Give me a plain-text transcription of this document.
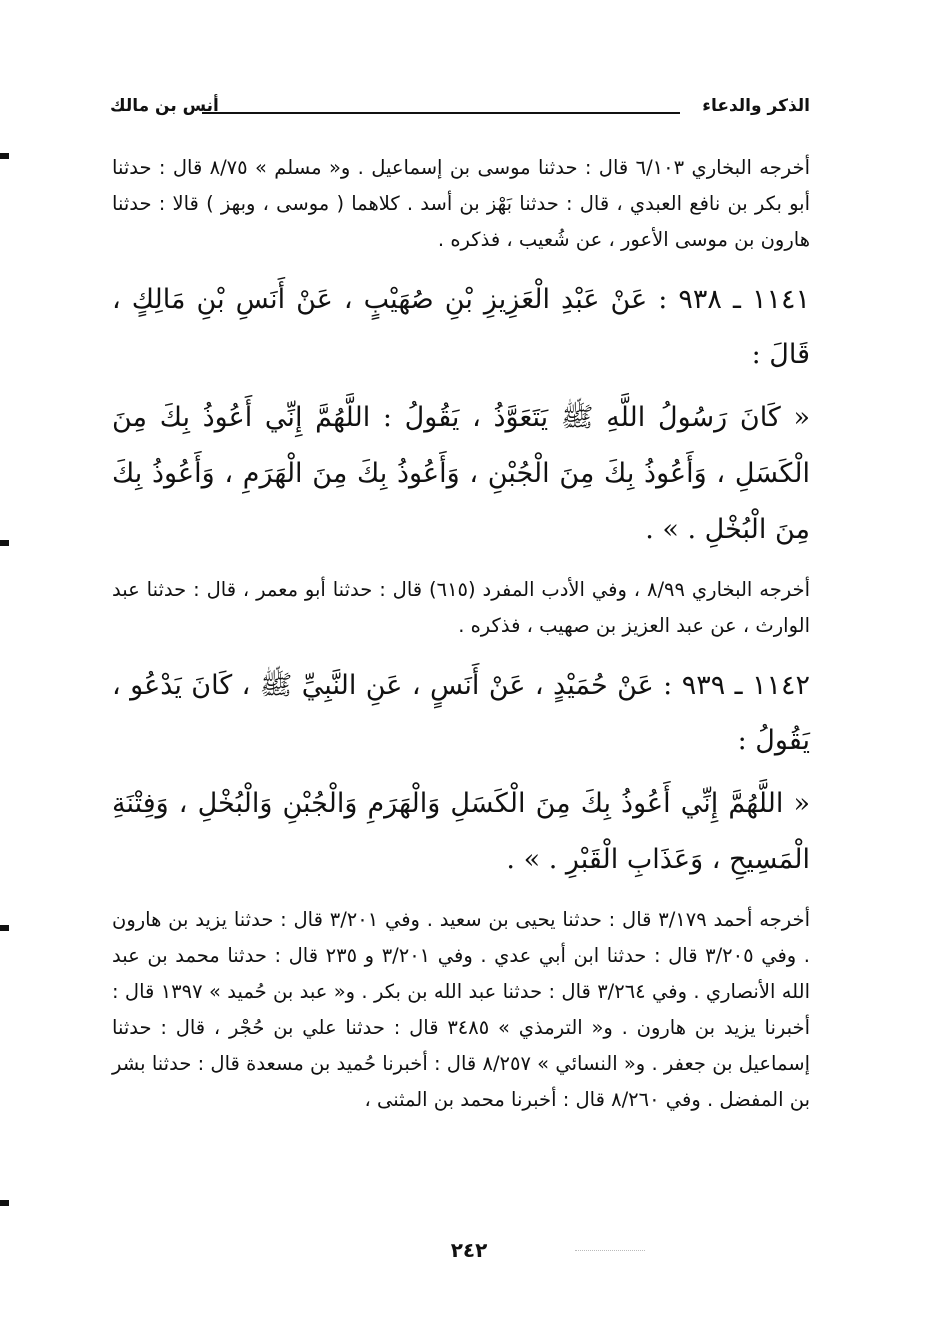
الذكر والدعاء
أنس بن مالك

أخرجه البخاري ٦/١٠٣ قال : حدثنا موسى بن إسماعيل . و« مسلم » ٨/٧٥ قال : حدثنا أبو بكر بن نافع العبدي ، قال : حدثنا بَهْز بن أسد . كلاهما ( موسى ، وبهز ) قالا : حدثنا هارون بن موسى الأعور ، عن شُعيب ، فذكره .

١١٤١ ـ ٩٣٨ : عَنْ عَبْدِ الْعَزِيزِ بْنِ صُهَيْبٍ ، عَنْ أَنَسِ بْنِ مَالِكٍ ، قَالَ :

« كَانَ رَسُولُ اللَّهِ ﷺ يَتَعَوَّذُ ، يَقُولُ : اللَّهُمَّ إِنِّي أَعُوذُ بِكَ مِنَ الْكَسَلِ ، وَأَعُوذُ بِكَ مِنَ الْجُبْنِ ، وَأَعُوذُ بِكَ مِنَ الْهَرَمِ ، وَأَعُوذُ بِكَ مِنَ الْبُخْلِ . » .

أخرجه البخاري ٨/٩٩ ، وفي الأدب المفرد (٦١٥) قال : حدثنا أبو معمر ، قال : حدثنا عبد الوارث ، عن عبد العزيز بن صهيب ، فذكره .

١١٤٢ ـ ٩٣٩ : عَنْ حُمَيْدٍ ، عَنْ أَنَسٍ ، عَنِ النَّبِيِّ ﷺ ، كَانَ يَدْعُو ، يَقُولُ :

« اللَّهُمَّ إِنِّي أَعُوذُ بِكَ مِنَ الْكَسَلِ وَالْهَرَمِ وَالْجُبْنِ وَالْبُخْلِ ، وَفِتْنَةِ الْمَسِيحِ ، وَعَذَابِ الْقَبْرِ . » .

أخرجه أحمد ٣/١٧٩ قال : حدثنا يحيى بن سعيد . وفي ٣/٢٠١ قال : حدثنا يزيد بن هارون . وفي ٣/٢٠٥ قال : حدثنا ابن أبي عدي . وفي ٣/٢٠١ و ٢٣٥ قال : حدثنا محمد بن عبد الله الأنصاري . وفي ٣/٢٦٤ قال : حدثنا عبد الله بن بكر . و« عبد بن حُميد » ١٣٩٧ قال : أخبرنا يزيد بن هارون . و« الترمذي » ٣٤٨٥ قال : حدثنا علي بن حُجْر ، قال : حدثنا إسماعيل بن جعفر . و« النسائي » ٨/٢٥٧ قال : أخبرنا حُميد بن مسعدة قال : حدثنا بشر بن المفضل . وفي ٨/٢٦٠ قال : أخبرنا محمد بن المثنى ،

٢٤٢
